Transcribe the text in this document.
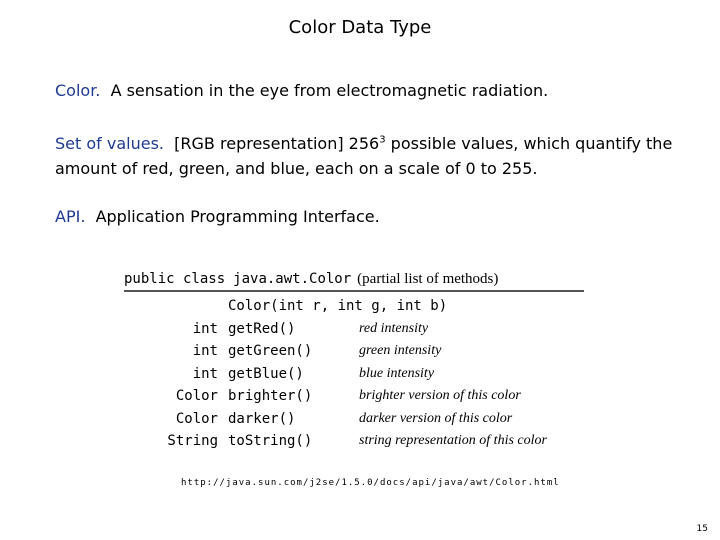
Color Data Type
Color. A sensation in the eye from electromagnetic radiation.
Set of values. [RGB representation] $256^3$ possible values, which quantify the amount of red, green, and blue, each on a scale of 0 to 255.
API. Application Programming Interface.
public class java.awt.Color (partial list of methods)
Color(int r, int g, int b)
int getRed()	red intensity
int getGreen()	green intensity
int getBlue()	blue intensity
Color brighter()	brighter version of this color
Color darker()	darker version of this color
String toString()	string representation of this color
http://java.sun.com/j2se/1.5.0/docs/api/java/awt/Color.html
15
